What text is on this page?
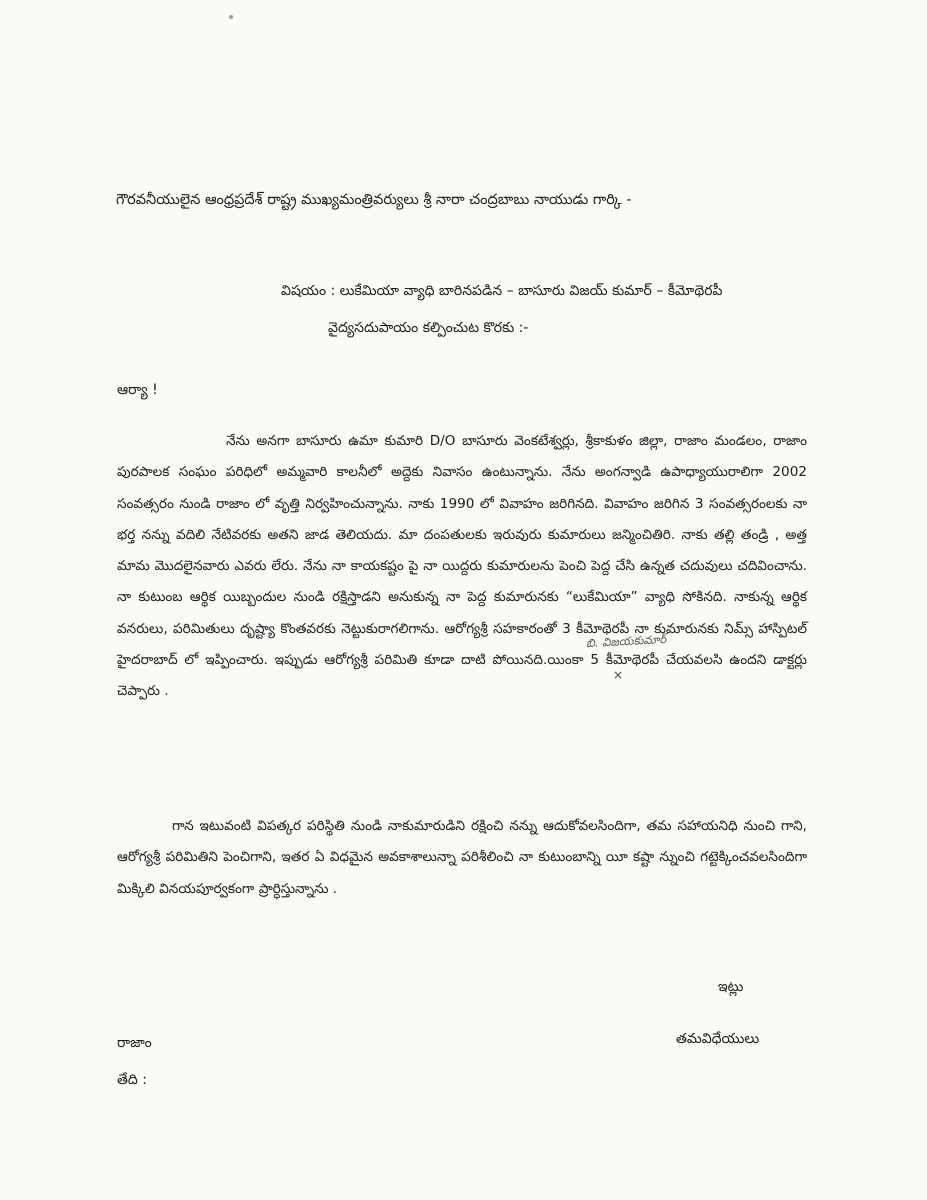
గౌరవనీయులైన ఆంధ్రప్రదేశ్ రాష్ట్ర ముఖ్యమంత్రివర్యులు శ్రీ నారా చంద్రబాబు నాయుడు గార్కి -
విషయం : లుకేమియా వ్యాధి బారినపడిన – బాసూరు విజయ్ కుమార్ – కీమోథెరపీ
వైద్యసదుపాయం కల్పించుట కొరకు :-
ఆర్యా !
నేను అనగా బాసూరు ఉమా కుమారి D/O బాసూరు వెంకటేశ్వర్లు, శ్రీకాకుళం జిల్లా, రాజాం మండలం, రాజాం పురపాలక సంఘం పరిధిలో అమ్మవారి కాలనీలో అద్దెకు నివాసం ఉంటున్నాను. నేను అంగన్వాడి ఉపాధ్యాయురాలిగా 2002 సంవత్సరం నుండి రాజాం లో వృత్తి నిర్వహించున్నాను. నాకు 1990 లో వివాహం జరిగినది. వివాహం జరిగిన 3 సంవత్సరంలకు నా భర్త నన్ను వదిలి నేటివరకు అతని జాడ తెలియదు. మా దంపతులకు ఇరువురు కుమారులు జన్మించితిరి. నాకు తల్లి తండ్రి , అత్త మామ మొదలైనవారు ఎవరు లేరు. నేను నా కాయకష్టం పై నా యిద్దరు కుమారులను పెంచి పెద్ద చేసి ఉన్నత చదువులు చదివించాను. నా కుటుంబ ఆర్థిక యిబ్బందుల నుండి రక్షిస్తాడని అనుకున్న నా పెద్ద కుమారునకు “లుకేమియా” వ్యాధి సోకినది. నాకున్న ఆర్థిక వనరులు, పరిమితులు దృష్ట్యా కొంతవరకు నెట్టుకురాగలిగాను. ఆరోగ్యశ్రీ సహకారంతో 3 కీమోథెరపీ నా కుమారునకు నిమ్స్ హాస్పిటల్ హైదరాబాద్ లో ఇప్పించారు. ఇప్పుడు ఆరోగ్యశ్రీ పరిమితి కూడా దాటి పోయినది.యింకా 5 కీమోథెరపీ చేయవలసి ఉందని డాక్టర్లు చెప్పారు .
బి. విజయకుమార్
×
గాన ఇటువంటి విపత్కర పరిస్థితి నుండి నాకుమారుడిని రక్షించి నన్ను ఆదుకోవలసిందిగా, తమ సహాయనిధి నుంచి గాని, ఆరోగ్యశ్రీ పరిమితిని పెంచిగాని, ఇతర ఏ విధమైన అవకాశాలున్నా పరిశీలించి నా కుటుంబాన్ని యీ కష్టా న్నుంచి గట్టెక్కించవలసిందిగా మిక్కిలి వినయపూర్వకంగా ప్రార్ధిస్తున్నాను .
ఇట్లు
తమవిధేయులు
రాజాం
తేది :
